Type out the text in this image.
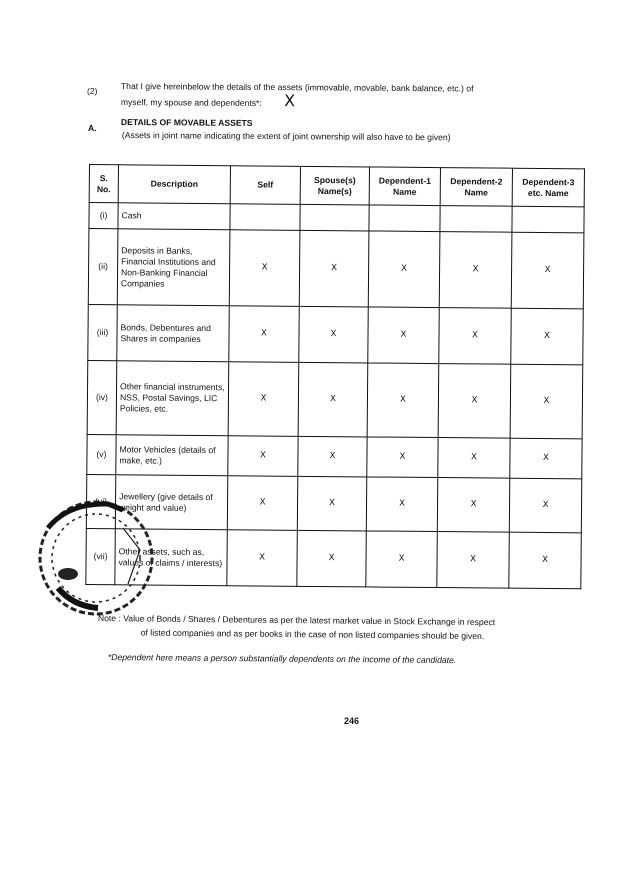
(2)	That I give hereinbelow the details of the assets (immovable, movable, bank balance, etc.) of
myself, my spouse and dependents*: X
A.
DETAILS OF MOVABLE ASSETS
(Assets in joint name indicating the extent of joint ownership will also have to be given)
S. No.	Description	Self	Spouse(s) Name(s)	Dependent-1 Name	Dependent-2 Name	Dependent-3 etc. Name
(i)	Cash					
(ii)	Deposits in Banks, Financial Institutions and Non-Banking Financial Companies	X	X	X	X	X
(iii)	Bonds, Debentures and Shares in companies	X	X	X	X	X
(iv)	Other financial instruments, NSS, Postal Savings, LIC Policies, etc.	X	X	X	X	X
(v)	Motor Vehicles (details of make, etc.)	X	X	X	X	X
(vi)	Jewellery (give details of weight and value)	X	X	X	X	X
(vii)	Other assets, such as, values of claims / interests)	X	X	X	X	X
Note : Value of Bonds / Shares / Debentures as per the latest market value in Stock Exchange in respect
of listed companies and as per books in the case of non listed companies should be given.
*Dependent here means a person substantially dependents on the income of the candidate.
246
